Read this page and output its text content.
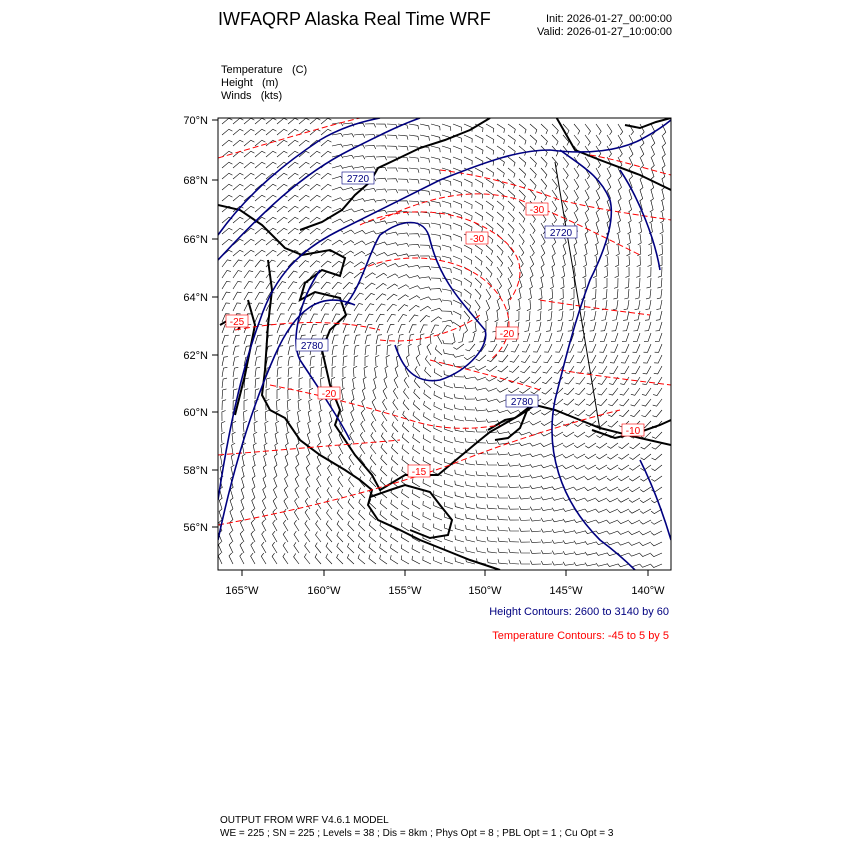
IWFAQRP Alaska Real Time WRF	Init: 2026-01-27_00:00:00
Valid: 2026-01-27_10:00:00
Temperature (C)
Height (m)
Winds (kts)
2720
2720
2780
2780
-30
-30
-25
-20
-20
-15
-10
70°N
68°N
66°N
64°N
62°N
60°N
58°N
56°N
165°W	160°W	155°W	150°W	145°W	140°W
Height Contours: 2600 to 3140 by 60
Temperature Contours: -45 to 5 by 5
OUTPUT FROM WRF V4.6.1 MODEL
WE = 225 ; SN = 225 ; Levels = 38 ; Dis = 8km ; Phys Opt = 8 ; PBL Opt = 1 ; Cu Opt = 3
